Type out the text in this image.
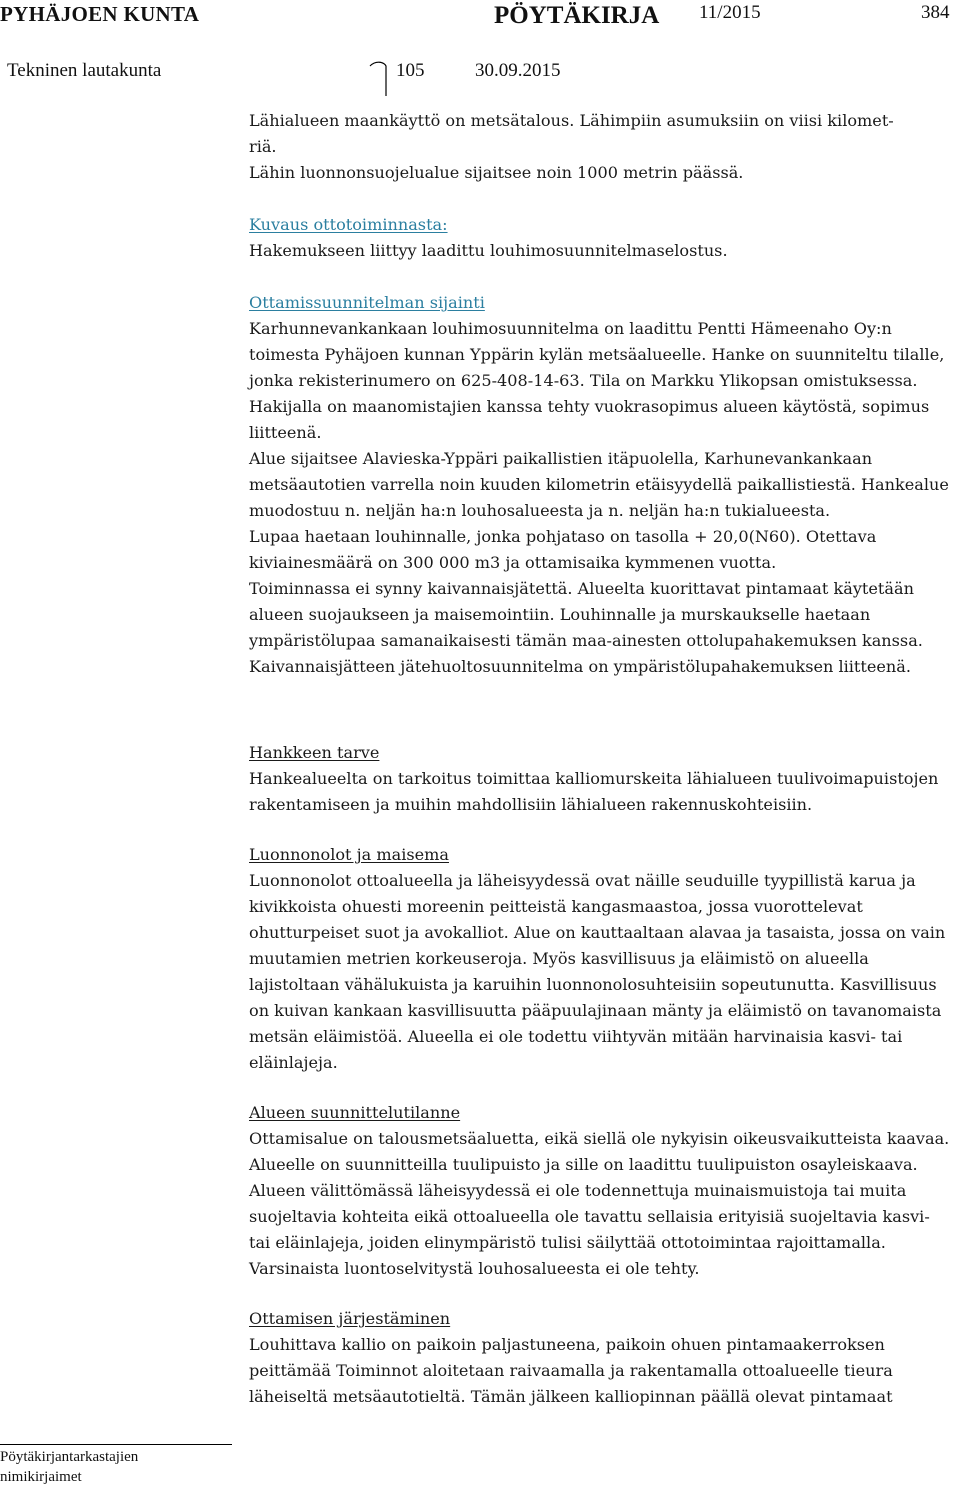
PYHÄJOEN KUNTA	PÖYTÄKIRJA 11/2015	384
Tekninen lautakunta	105	30.09.2015

Lähialueen maankäyttö on metsätalous. Lähimpiin asumuksiin on viisi kilomet-

riä.

Lähin luonnonsuojelualue sijaitsee noin 1000 metrin päässä.

Kuvaus ottotoiminnasta:

Hakemukseen liittyy laadittu louhimosuunnitelmaselostus.

Ottamissuunnitelman sijainti

Karhunnevankankaan louhimosuunnitelma on laadittu Pentti Hämeenaho Oy:n toimesta Pyhäjoen kunnan Yppärin kylän metsäalueelle. Hanke on suunniteltu tilalle, jonka rekisterinumero on 625-408-14-63. Tila on Markku Ylikopsan omistuksessa. Hakijalla on maanomistajien kanssa tehty vuokrasopimus alueen käytöstä, sopimus liitteenä.

Alue sijaitsee Alavieska-Yppäri paikallistien itäpuolella, Karhunevankankaan metsäautotien varrella noin kuuden kilometrin etäisyydellä paikallistiestä. Hankealue muodostuu n. neljän ha:n louhosalueesta ja n. neljän ha:n tukialueesta.

Lupaa haetaan louhinnalle, jonka pohjataso on tasolla + 20,0(N60). Otettava kiviainesmäärä on 300 000 m3 ja ottamisaika kymmenen vuotta.

Toiminnassa ei synny kaivannaisjätettä. Alueelta kuorittavat pintamaat käytetään alueen suojaukseen ja maisemointiin. Louhinnalle ja murskaukselle haetaan ympäristölupaa samanaikaisesti tämän maa-ainesten ottolupahakemuksen kanssa.

Kaivannaisjätteen jätehuoltosuunnitelma on ympäristölupahakemuksen liitteenä.

Hankkeen tarve

Hankealueelta on tarkoitus toimittaa kalliomurskeita lähialueen tuulivoimapuistojen rakentamiseen ja muihin mahdollisiin lähialueen rakennuskohteisiin.

Luonnonolot ja maisema

Luonnonolot ottoalueella ja läheisyydessä ovat näille seuduille tyypillistä karua ja kivikkoista ohuesti moreenin peitteistä kangasmaastoa, jossa vuorottelevat ohutturpeiset suot ja avokalliot. Alue on kauttaaltaan alavaa ja tasaista, jossa on vain muutamien metrien korkeuseroja. Myös kasvillisuus ja eläimistö on alueella lajistoltaan vähälukuista ja karuihin luonnonolosuhteisiin sopeutunutta. Kasvillisuus on kuivan kankaan kasvillisuutta pääpuulajinaan mänty ja eläimistö on tavanomaista metsän eläimistöä. Alueella ei ole todettu viihtyvän mitään harvinaisia kasvi- tai eläinlajeja.

Alueen suunnittelutilanne

Ottamisalue on talousmetsäaluetta, eikä siellä ole nykyisin oikeusvaikutteista kaavaa. Alueelle on suunnitteilla tuulipuisto ja sille on laadittu tuulipuiston osayleiskaava.

Alueen välittömässä läheisyydessä ei ole todennettuja muinaismuistoja tai muita suojeltavia kohteita eikä ottoalueella ole tavattu sellaisia erityisiä suojeltavia kasvi- tai eläinlajeja, joiden elinympäristö tulisi säilyttää ottotoimintaa rajoittamalla.

Varsinaista luontoselvitystä louhosalueesta ei ole tehty.

Ottamisen järjestäminen

Louhittava kallio on paikoin paljastuneena, paikoin ohuen pintamaakerroksen peittämää Toiminnot aloitetaan raivaamalla ja rakentamalla ottoalueelle tieura läheiseltä metsäautotieltä. Tämän jälkeen kalliopinnan päällä olevat pintamaat

Pöytäkirjantarkastajien
nimikirjaimet
